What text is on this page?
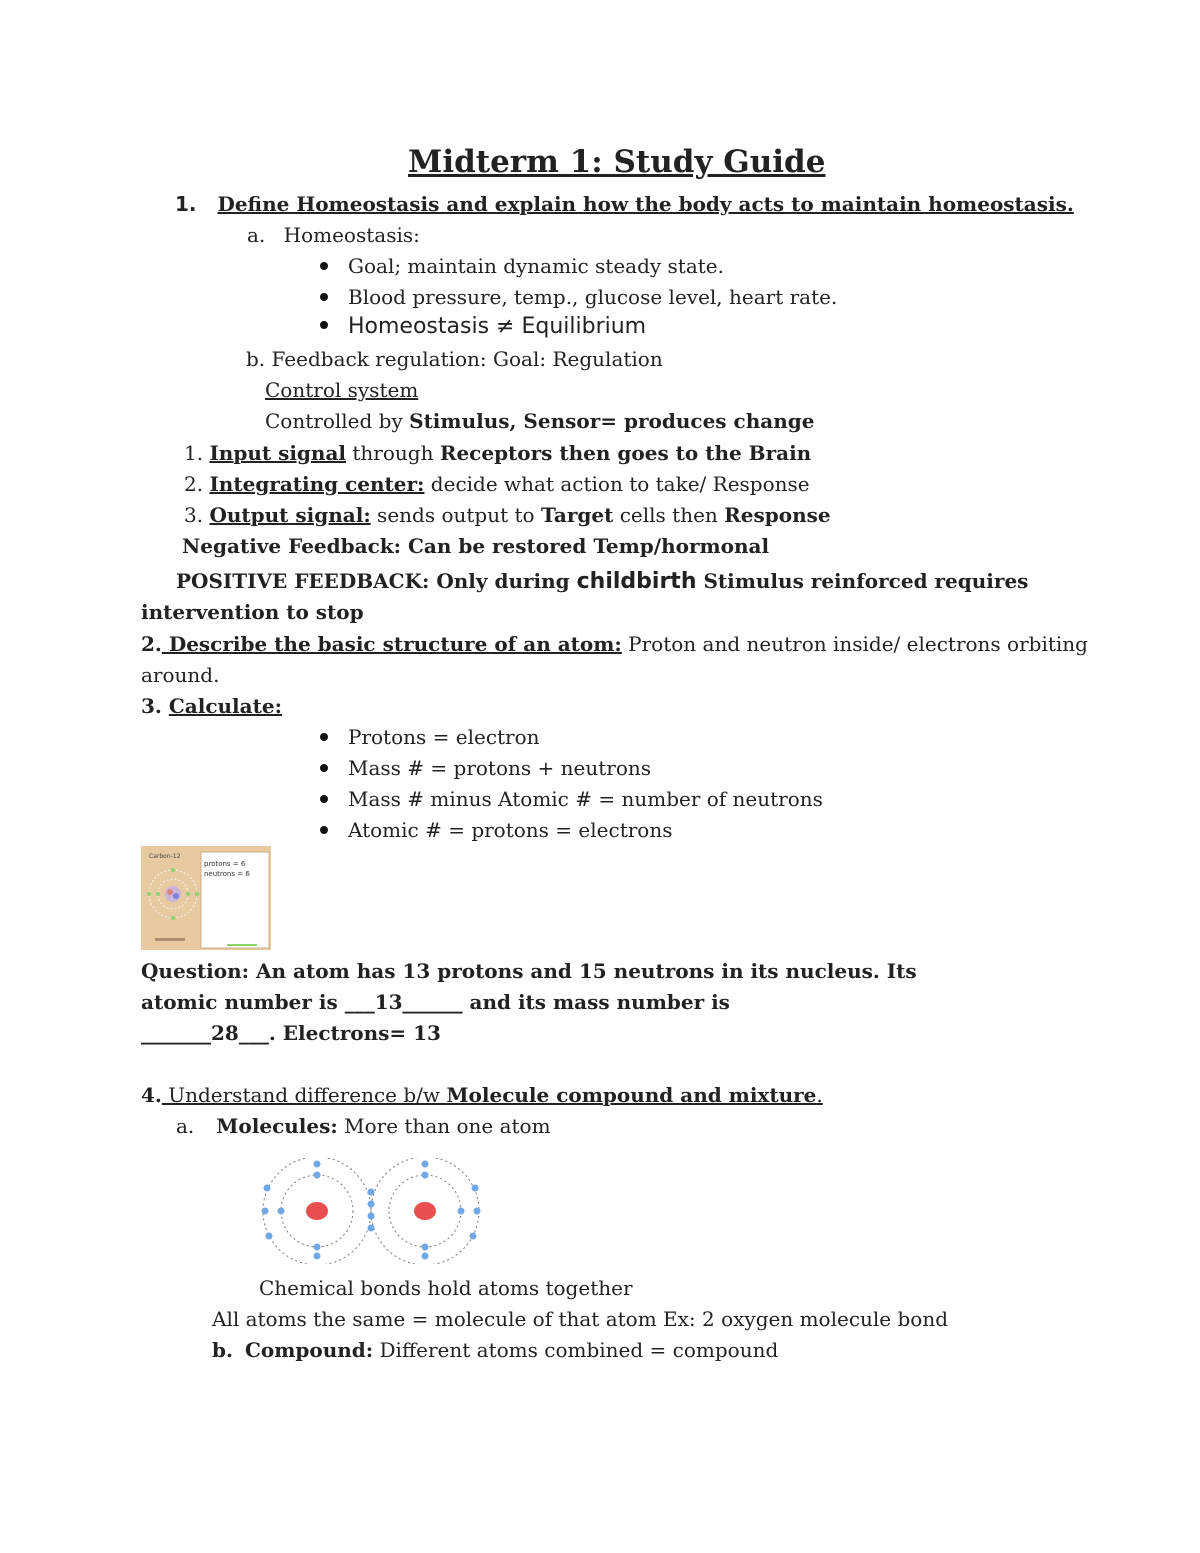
Midterm 1: Study Guide
1. Define Homeostasis and explain how the body acts to maintain homeostasis.
a. Homeostasis:
Goal; maintain dynamic steady state.
Blood pressure, temp., glucose level, heart rate.
Homeostasis ≠ Equilibrium
b. Feedback regulation: Goal: Regulation
Control system
Controlled by Stimulus, Sensor= produces change
1. Input signal through Receptors then goes to the Brain
2. Integrating center: decide what action to take/ Response
3. Output signal: sends output to Target cells then Response
Negative Feedback: Can be restored Temp/hormonal
POSITIVE FEEDBACK: Only during childbirth Stimulus reinforced requires
intervention to stop
2. Describe the basic structure of an atom: Proton and neutron inside/ electrons orbiting
around.
3. Calculate:
Protons = electron
Mass # = protons + neutrons
Mass # minus Atomic # = number of neutrons
Atomic # = protons = electrons
Carbon-12
protons = 6
neutrons = 6
Question: An atom has 13 protons and 15 neutrons in its nucleus. Its
atomic number is ___13______ and its mass number is
_______28___. Electrons= 13
4. Understand difference b/w Molecule compound and mixture.
a. Molecules: More than one atom
Chemical bonds hold atoms together
All atoms the same = molecule of that atom Ex: 2 oxygen molecule bond
b. Compound: Different atoms combined = compound
